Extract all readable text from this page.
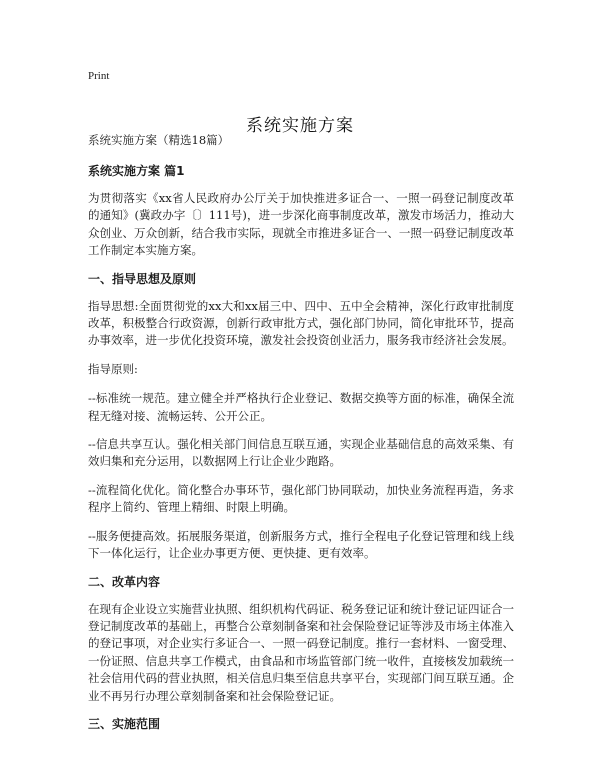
Print
系统实施方案

系统实施方案（精选18篇）

系统实施方案 篇1

为贯彻落实《xx省人民政府办公厅关于加快推进多证合一、一照一码登记制度改革的通知》(冀政办字〔〕111号)，进一步深化商事制度改革，激发市场活力，推动大众创业、万众创新，结合我市实际，现就全市推进多证合一、一照一码登记制度改革工作制定本实施方案。

一、指导思想及原则

指导思想:全面贯彻党的xx大和xx届三中、四中、五中全会精神，深化行政审批制度改革，积极整合行政资源，创新行政审批方式，强化部门协同，简化审批环节，提高办事效率，进一步优化投资环境，激发社会投资创业活力，服务我市经济社会发展。

指导原则:

--标准统一规范。建立健全并严格执行企业登记、数据交换等方面的标准，确保全流程无缝对接、流畅运转、公开公正。

--信息共享互认。强化相关部门间信息互联互通，实现企业基础信息的高效采集、有效归集和充分运用，以数据网上行让企业少跑路。

--流程简化优化。简化整合办事环节，强化部门协同联动，加快业务流程再造，务求程序上简约、管理上精细、时限上明确。

--服务便捷高效。拓展服务渠道，创新服务方式，推行全程电子化登记管理和线上线下一体化运行，让企业办事更方便、更快捷、更有效率。

二、改革内容

在现有企业设立实施营业执照、组织机构代码证、税务登记证和统计登记证四证合一登记制度改革的基础上，再整合公章刻制备案和社会保险登记证等涉及市场主体准入的登记事项，对企业实行多证合一、一照一码登记制度。推行一套材料、一窗受理、一份证照、信息共享工作模式，由食品和市场监管部门统一收件，直接核发加载统一社会信用代码的营业执照，相关信息归集至信息共享平台，实现部门间互联互通。企业不再另行办理公章刻制备案和社会保险登记证。

三、实施范围
